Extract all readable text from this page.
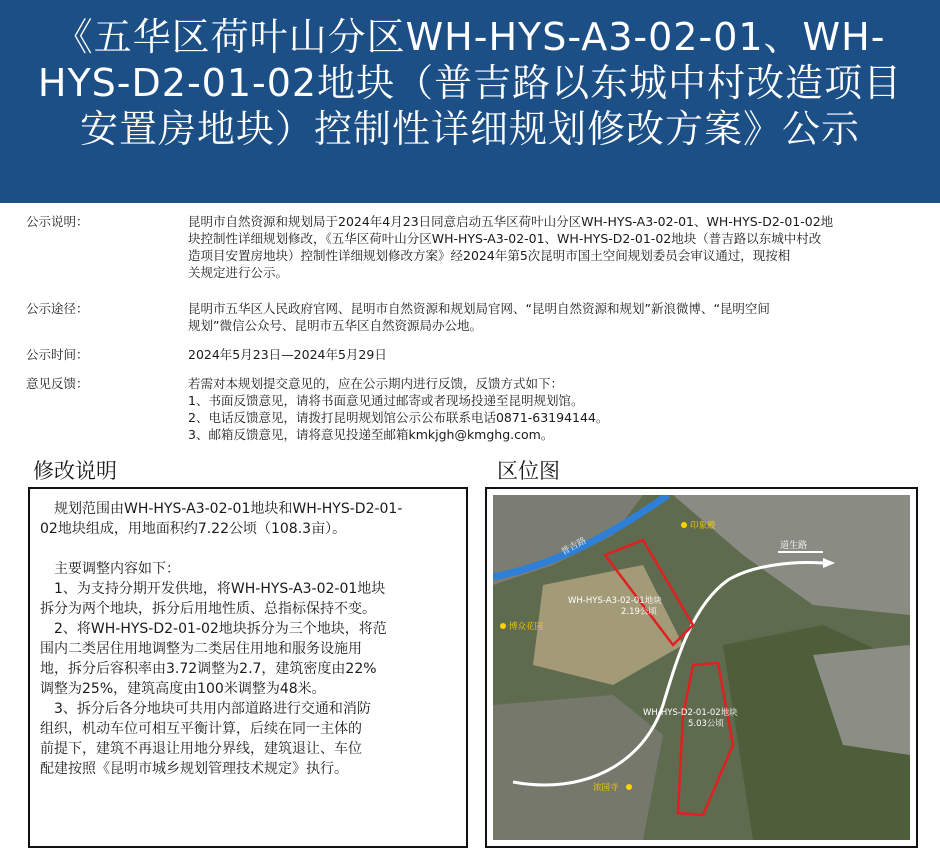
《五华区荷叶山分区WH-HYS-A3-02-01、WH-
HYS-D2-01-02地块（普吉路以东城中村改造项目
安置房地块）控制性详细规划修改方案》公示
公示说明：	昆明市自然资源和规划局于2024年4月23日同意启动五华区荷叶山分区WH-HYS-A3-02-01、WH-HYS-D2-01-02地
块控制性详细规划修改，《五华区荷叶山分区WH-HYS-A3-02-01、WH-HYS-D2-01-02地块（普吉路以东城中村改
造项目安置房地块）控制性详细规划修改方案》经2024年第5次昆明市国土空间规划委员会审议通过，现按相
关规定进行公示。
公示途径：	昆明市五华区人民政府官网、昆明市自然资源和规划局官网、“昆明自然资源和规划”新浪微博、“昆明空间
规划”微信公众号、昆明市五华区自然资源局办公地。
公示时间：	2024年5月23日—2024年5月29日
意见反馈：	若需对本规划提交意见的，应在公示期内进行反馈，反馈方式如下：
1、书面反馈意见，请将书面意见通过邮寄或者现场投递至昆明规划馆。
2、电话反馈意见，请拨打昆明规划馆公示公布联系电话0871-63194144。
3、邮箱反馈意见，请将意见投递至邮箱kmkjgh@kmghg.com。
修改说明	区位图

　规划范围由WH-HYS-A3-02-01地块和WH-HYS-D2-01-

02地块组成，用地面积约7.22公顷（108.3亩）。

　主要调整内容如下：

　1、为支持分期开发供地，将WH-HYS-A3-02-01地块

拆分为两个地块，拆分后用地性质、总指标保持不变。

　2、将WH-HYS-D2-01-02地块拆分为三个地块，将范

围内二类居住用地调整为二类居住用地和服务设施用

地，拆分后容积率由3.72调整为2.7，建筑密度由22%

调整为25%，建筑高度由100米调整为48米。

　3、拆分后各分地块可共用内部道路进行交通和消防

组织，机动车位可相互平衡计算，后续在同一主体的

前提下，建筑不再退让用地分界线，建筑退让、车位

配建按照《昆明市城乡规划管理技术规定》执行。

普吉路	道生路
WH-HYS-A3-02-01地块
2.19公顷
WH-HYS-D2-01-02地块
5.03公顷
印象殿
博众花园
浓园寺
